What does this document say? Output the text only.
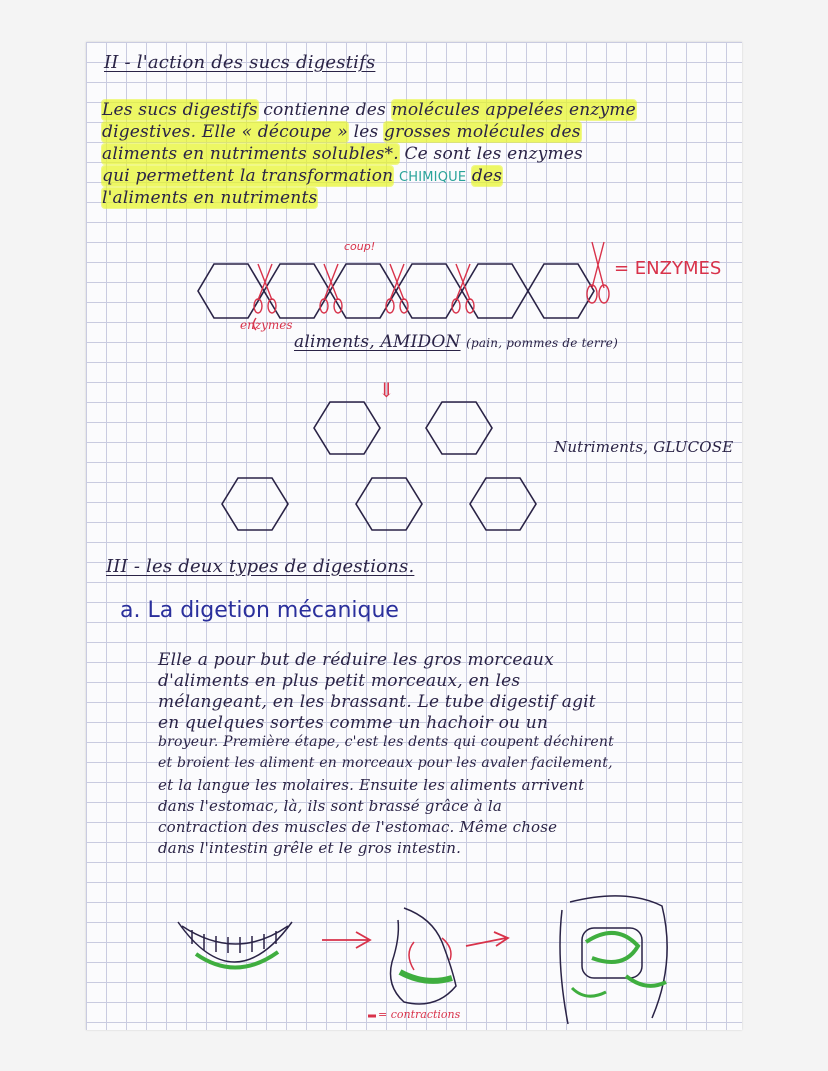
II - l'action des sucs digestifs
Les sucs digestifs contienne des molécules appelées enzyme
digestives. Elle « découpe » les grosses molécules des
aliments en nutriments solubles*. Ce sont les enzymes
qui permettent la transformation CHIMIQUE des
l'aliments en nutriments
coup!
= ENZYMES
enzymes
aliments, AMIDON (pain, pommes de terre)
⇓
Nutriments, GLUCOSE
III - les deux types de digestions.
a. La digetion mécanique
Elle a pour but de réduire les gros morceaux
d'aliments en plus petit morceaux, en les
mélangeant, en les brassant. Le tube digestif agit
en quelques sortes comme un hachoir ou un
broyeur. Première étape, c'est les dents qui coupent déchirent
et broient les aliment en morceaux pour les avaler facilement,
et la langue les molaires. Ensuite les aliments arrivent
dans l'estomac, là, ils sont brassé grâce à la
contraction des muscles de l'estomac. Même chose
dans l'intestin grêle et le gros intestin.
= contractions
